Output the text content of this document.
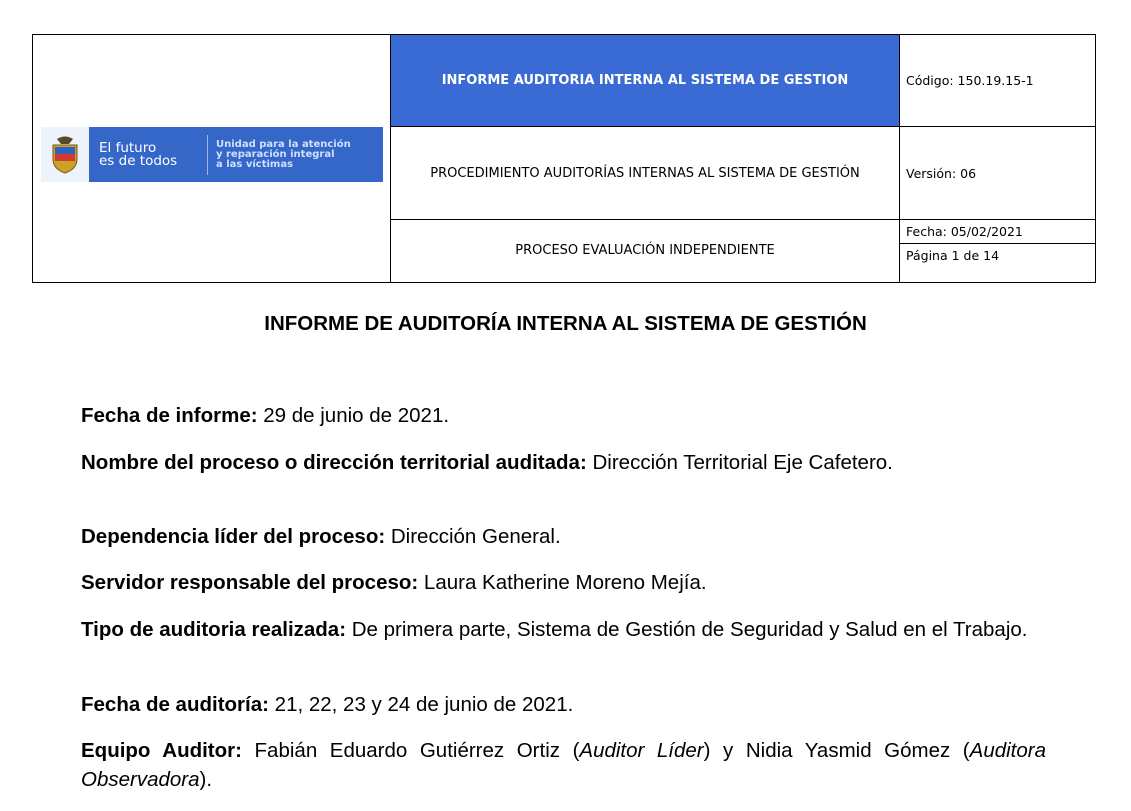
El futuro
es de todos
Unidad para la atención
y reparación integral
a las víctimas	INFORME AUDITORIA INTERNA AL SISTEMA DE GESTION	Código: 150.19.15-1
	PROCEDIMIENTO AUDITORÍAS INTERNAS AL SISTEMA DE GESTIÓN	Versión: 06
	PROCESO EVALUACIÓN INDEPENDIENTE	Fecha: 05/02/2021
		Página 1 de 14
INFORME DE AUDITORÍA INTERNA AL SISTEMA DE GESTIÓN
Fecha de informe: 29 de junio de 2021.
Nombre del proceso o dirección territorial auditada: Dirección Territorial Eje Cafetero.
Dependencia líder del proceso: Dirección General.
Servidor responsable del proceso: Laura Katherine Moreno Mejía.
Tipo de auditoria realizada: De primera parte, Sistema de Gestión de Seguridad y Salud en el Trabajo.
Fecha de auditoría: 21, 22, 23 y 24 de junio de 2021.
Equipo Auditor: Fabián Eduardo Gutiérrez Ortiz (Auditor Líder) y Nidia Yasmid Gómez (Auditora Observadora).
